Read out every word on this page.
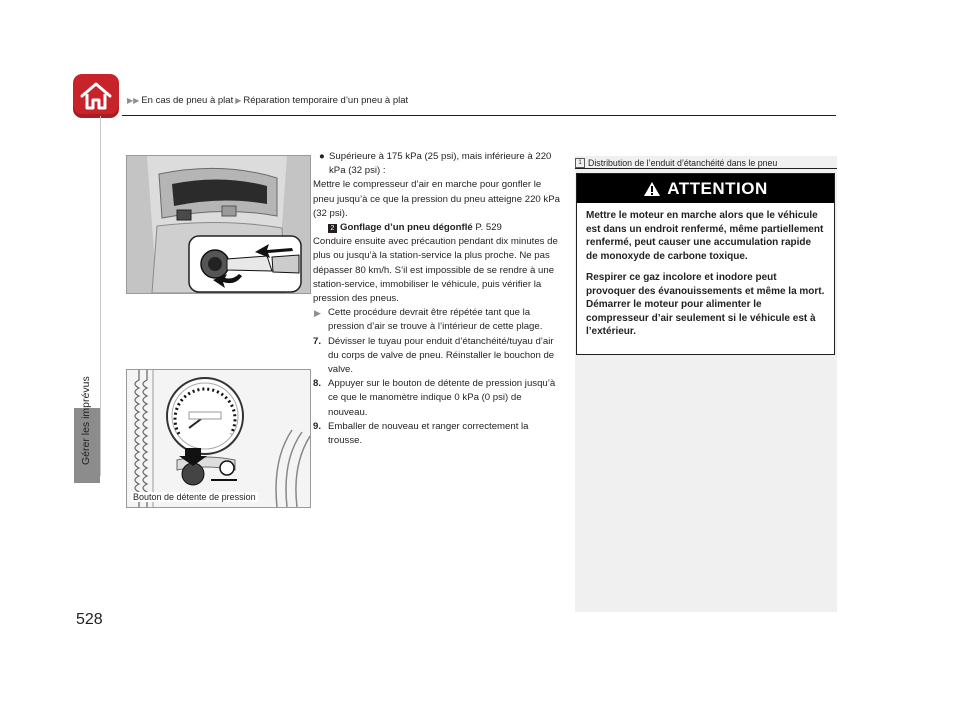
▶▶ En cas de pneu à plat ▶ Réparation temporaire d’un pneu à plat
Gérer les imprévus
528
Bouton de détente de pression

● Supérieure à 175 kPa (25 psi), mais inférieure à 220 kPa (32 psi) :

Mettre le compresseur d’air en marche pour gonfler le pneu jusqu’à ce que la pression du pneu atteigne 220 kPa (32 psi).

2 Gonflage d’un pneu dégonflé P. 529

Conduire ensuite avec précaution pendant dix minutes de plus ou jusqu’à la station-service la plus proche. Ne pas dépasser 80 km/h. S’il est impossible de se rendre à une station-service, immobiliser le véhicule, puis vérifier la pression des pneus.

▶ Cette procédure devrait être répétée tant que la pression d’air se trouve à l’intérieur de cette plage.

7. Dévisser le tuyau pour enduit d’étanchéité/tuyau d’air du corps de valve de pneu. Réinstaller le bouchon de valve.

8. Appuyer sur le bouton de détente de pression jusqu’à ce que le manomètre indique 0 kPa (0 psi) de nouveau.

9. Emballer de nouveau et ranger correctement la trousse.

1 Distribution de l’enduit d’étanchéité dans le pneu
ATTENTION

Mettre le moteur en marche alors que le véhicule est dans un endroit renfermé, même partiellement renfermé, peut causer une accumulation rapide de monoxyde de carbone toxique.

Respirer ce gaz incolore et inodore peut provoquer des évanouissements et même la mort. Démarrer le moteur pour alimenter le compresseur d’air seulement si le véhicule est à l’extérieur.
